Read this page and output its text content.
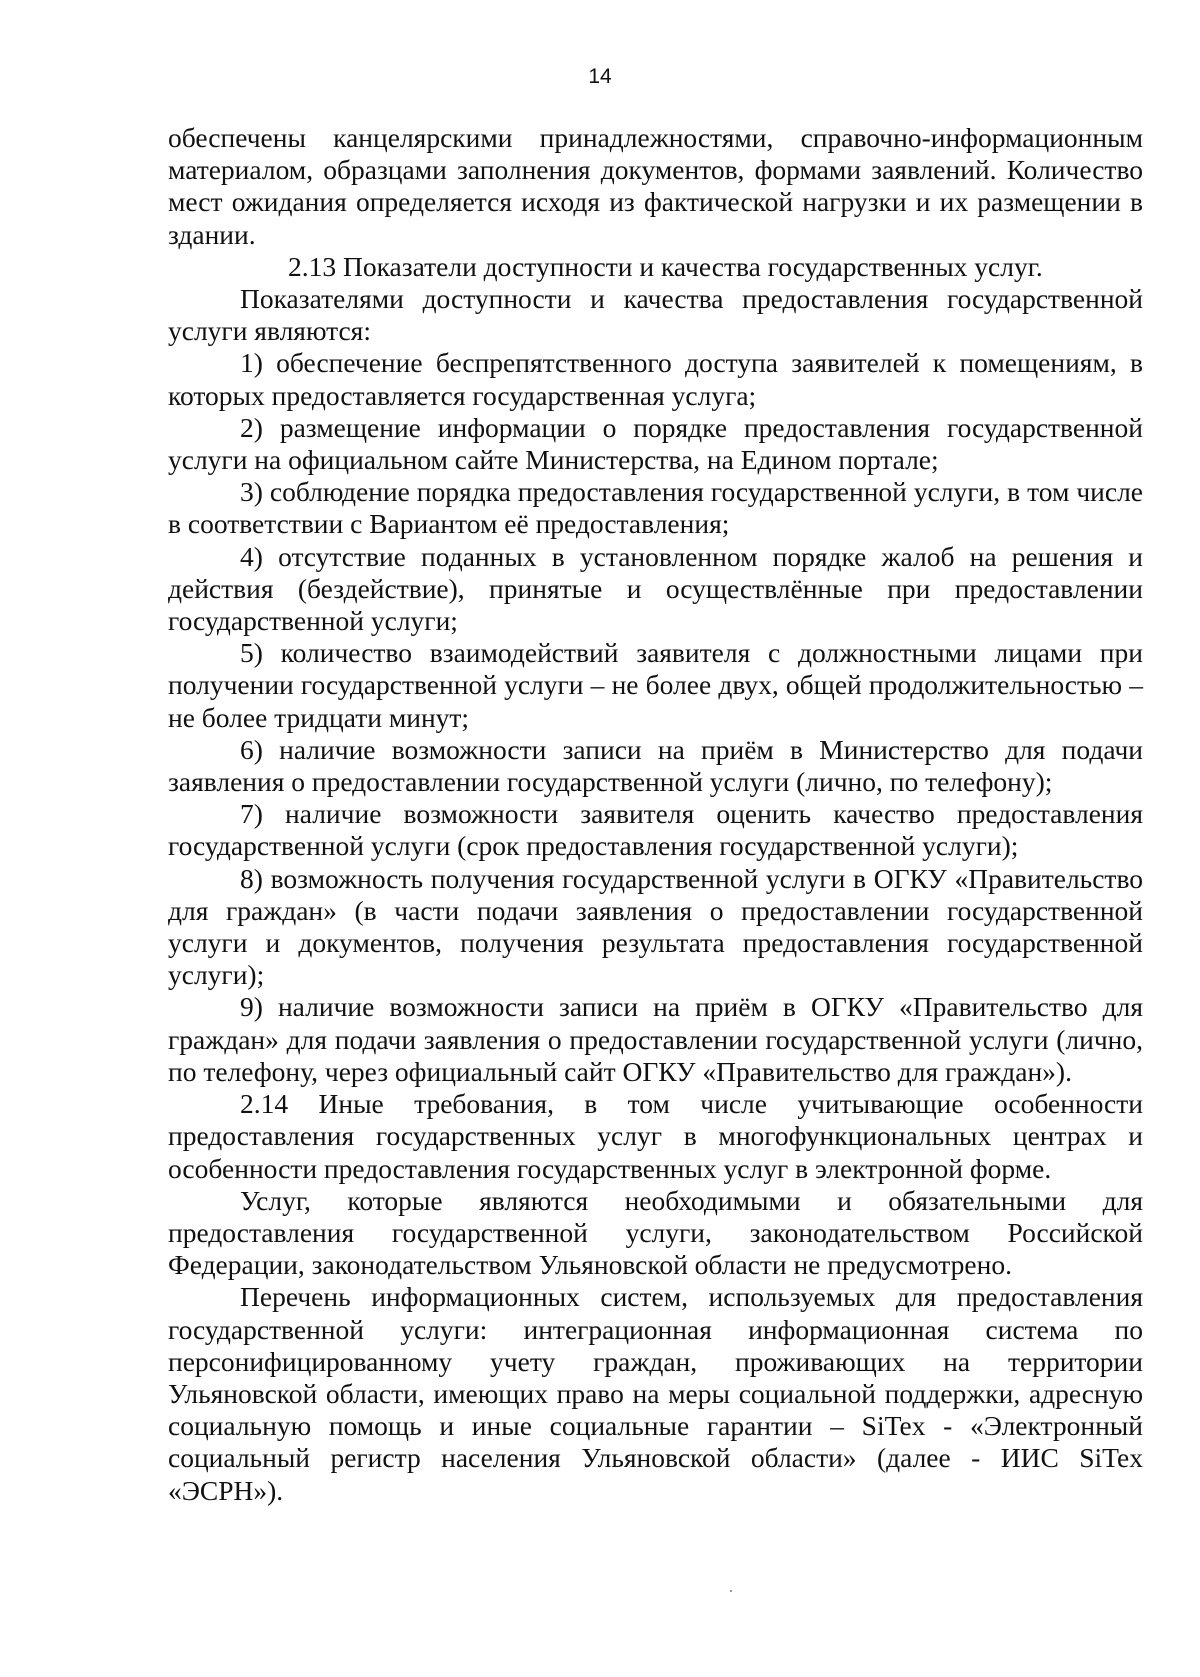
14

обеспечены канцелярскими принадлежностями, справочно-информационным материалом, образцами заполнения документов, формами заявлений. Количество мест ожидания определяется исходя из фактической нагрузки и их размещении в здании.

2.13 Показатели доступности и качества государственных услуг.

Показателями доступности и качества предоставления государственной услуги являются:

1) обеспечение беспрепятственного доступа заявителей к помещениям, в которых предоставляется государственная услуга;

2) размещение информации о порядке предоставления государственной услуги на официальном сайте Министерства, на Едином портале;

3) соблюдение порядка предоставления государственной услуги, в том числе в соответствии с Вариантом её предоставления;

4) отсутствие поданных в установленном порядке жалоб на решения и действия (бездействие), принятые и осуществлённые при предоставлении государственной услуги;

5) количество взаимодействий заявителя с должностными лицами при получении государственной услуги – не более двух, общей продолжительностью – не более тридцати минут;

6) наличие возможности записи на приём в Министерство для подачи заявления о предоставлении государственной услуги (лично, по телефону);

7) наличие возможности заявителя оценить качество предоставления государственной услуги (срок предоставления государственной услуги);

8) возможность получения государственной услуги в ОГКУ «Правительство для граждан» (в части подачи заявления о предоставлении государственной услуги и документов, получения результата предоставления государственной услуги);

9) наличие возможности записи на приём в ОГКУ «Правительство для граждан» для подачи заявления о предоставлении государственной услуги (лично, по телефону, через официальный сайт ОГКУ «Правительство для граждан»).

2.14 Иные требования, в том числе учитывающие особенности предоставления государственных услуг в многофункциональных центрах и особенности предоставления государственных услуг в электронной форме.

Услуг, которые являются необходимыми и обязательными для предоставления государственной услуги, законодательством Российской Федерации, законодательством Ульяновской области не предусмотрено.

Перечень информационных систем, используемых для предоставления государственной услуги: интеграционная информационная система по персонифицированному учету граждан, проживающих на территории Ульяновской области, имеющих право на меры социальной поддержки, адресную социальную помощь и иные социальные гарантии – SiTex - «Электронный социальный регистр населения Ульяновской области» (далее - ИИС SiTex «ЭСРН»).
